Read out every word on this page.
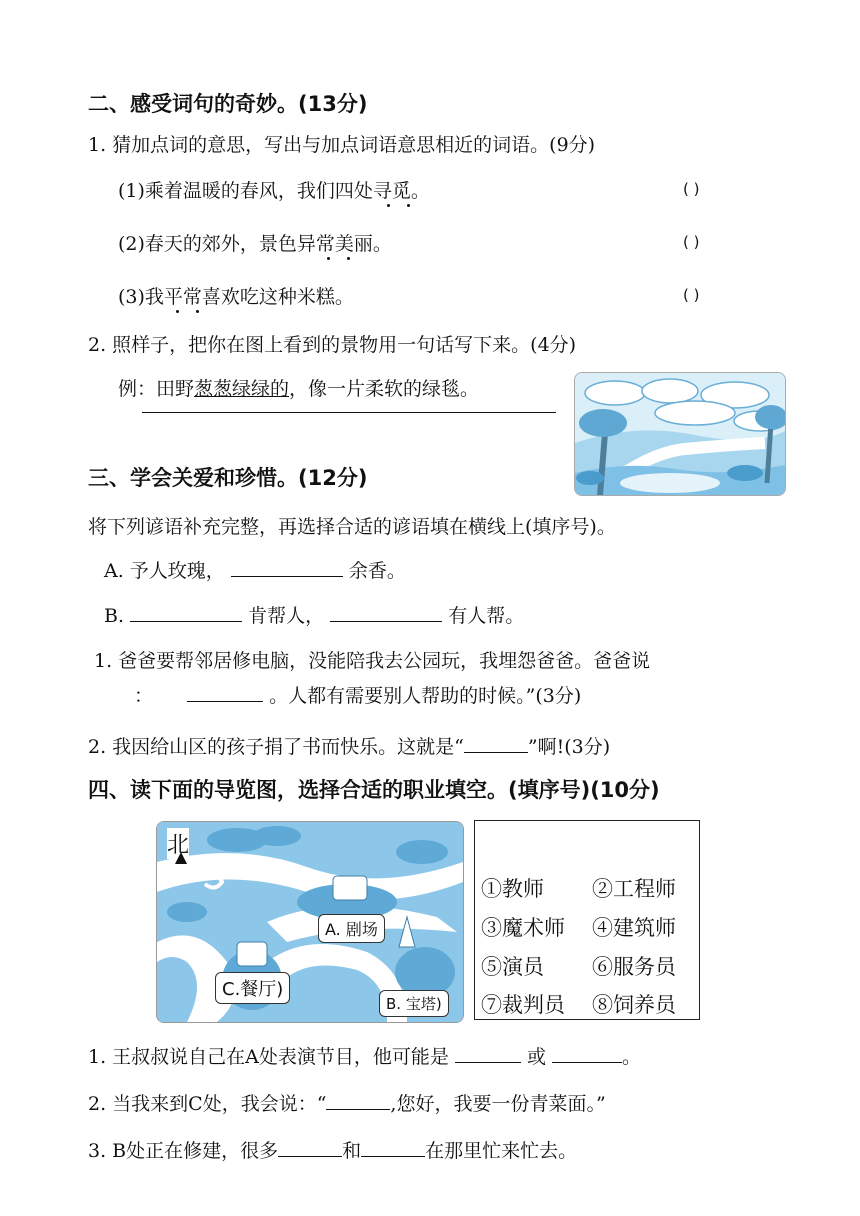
二、感受词句的奇妙。(13分)
1. 猜加点词的意思，写出与加点词语意思相近的词语。(9分)
(1)乘着温暖的春风，我们四处寻觅。	( )
(2)春天的郊外，景色异常美丽。	( )
(3)我平常喜欢吃这种米糕。	( )
2. 照样子，把你在图上看到的景物用一句话写下来。(4分)
例：田野葱葱绿绿的，像一片柔软的绿毯。
三、学会关爱和珍惜。(12分)
将下列谚语补充完整，再选择合适的谚语填在横线上(填序号)。
A. 予人玫瑰，	余香。
B.	肯帮人，	有人帮。
1. 爸爸要帮邻居修电脑，没能陪我去公园玩，我埋怨爸爸。爸爸说
：	。人都有需要别人帮助的时候。”(3分)
2. 我因给山区的孩子捐了书而快乐。这就是“	”啊!(3分)
四、读下面的导览图，选择合适的职业填空。(填序号)(10分)
北
A. 剧场
B. 宝塔)
C.餐厅)
①教师 ②工程师
③魔术师 ④建筑师
⑤演员 ⑥服务员
⑦裁判员 ⑧饲养员
1. 王叔叔说自己在A处表演节目，他可能是	或	。
2. 当我来到C处，我会说：“	,您好，我要一份青菜面。”
3. B处正在修建，很多	和	在那里忙来忙去。
